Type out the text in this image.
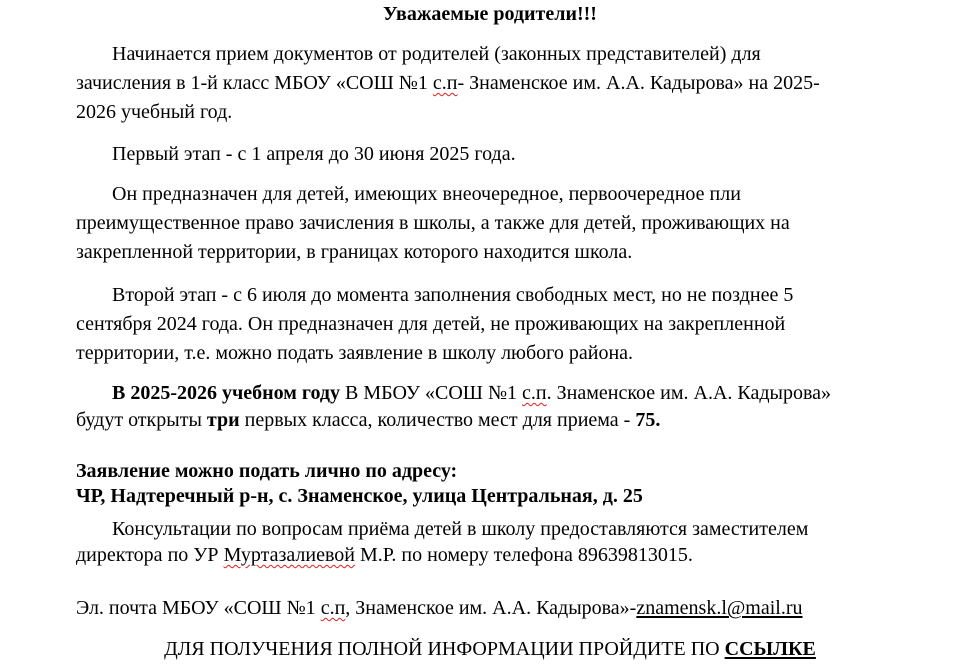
Уважаемые родители!!!
Начинается прием документов от родителей (законных представителей) для
зачисления в 1-й класс МБОУ «СОШ №1 с.п- Знаменское им. А.А. Кадырова» на 2025-
2026 учебный год.
Первый этап - с 1 апреля до 30 июня 2025 года.
Он предназначен для детей, имеющих внеочередное, первоочередное пли
преимущественное право зачисления в школы, а также для детей, проживающих на
закрепленной территории, в границах которого находится школа.
Второй этап - с 6 июля до момента заполнения свободных мест, но не позднее 5
сентября 2024 года. Он предназначен для детей, не проживающих на закрепленной
территории, т.е. можно подать заявление в школу любого района.
В 2025-2026 учебном году В МБОУ «СОШ №1 с.п. Знаменское им. А.А. Кадырова»
будут открыты три первых класса, количество мест для приема - 75.
Заявление можно подать лично по адресу:
ЧР, Надтеречный р-н, с. Знаменское, улица Центральная, д. 25
Консультации по вопросам приёма детей в школу предоставляются заместителем
директора по УР Муртазалиевой М.Р. по номеру телефона 89639813015.
Эл. почта МБОУ «СОШ №1 с.п, Знаменское им. А.А. Кадырова»-znamensk.l@mail.ru
ДЛЯ ПОЛУЧЕНИЯ ПОЛНОЙ ИНФОРМАЦИИ ПРОЙДИТЕ ПО ССЫЛКЕ
